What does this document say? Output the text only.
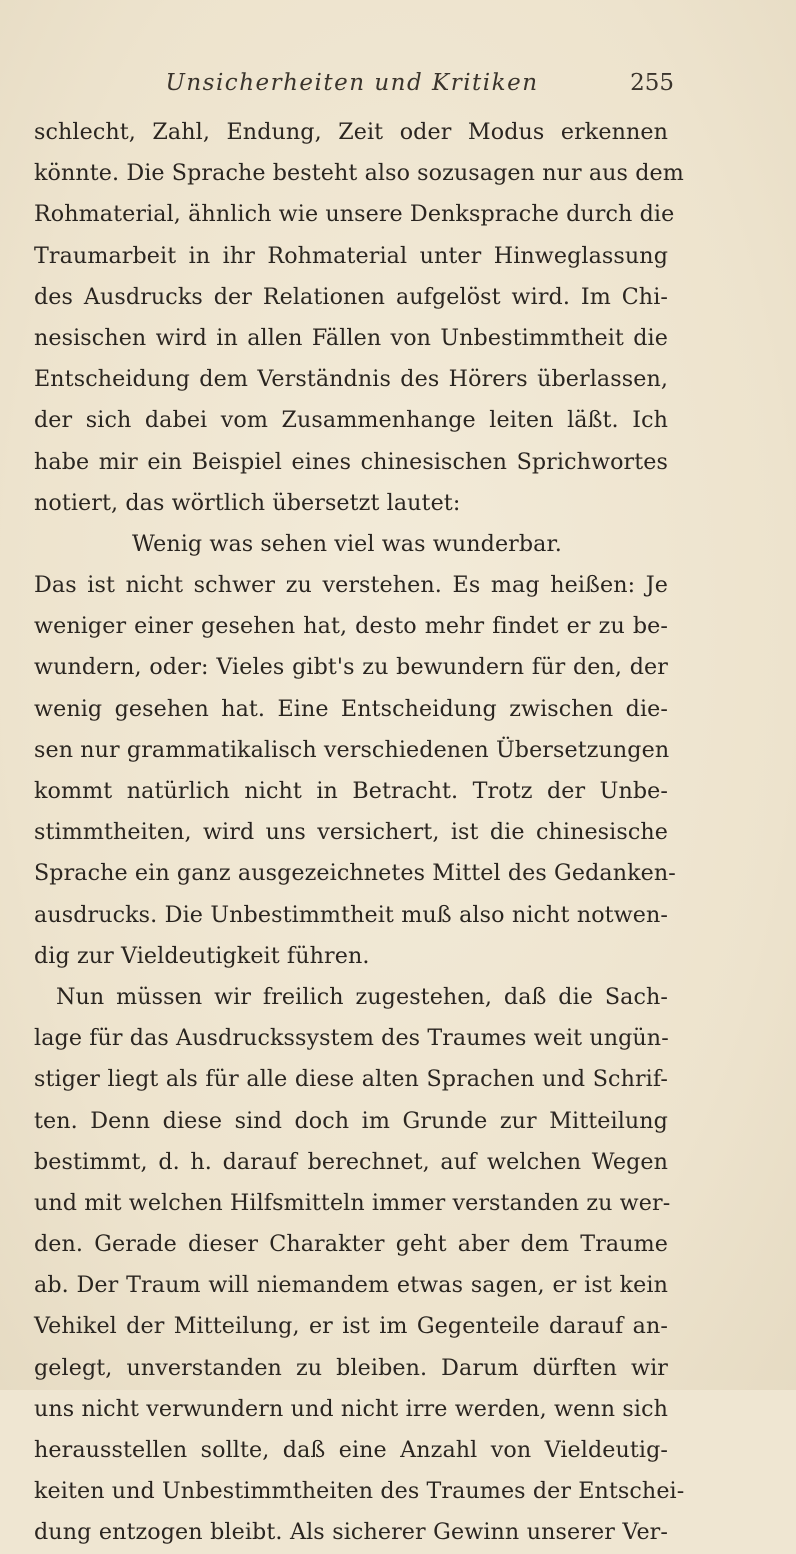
Unsicherheiten und Kritiken	255
schlecht, Zahl, Endung, Zeit oder Modus erkennen
könnte. Die Sprache besteht also sozusagen nur aus dem
Rohmaterial, ähnlich wie unsere Denksprache durch die
Traumarbeit in ihr Rohmaterial unter Hinweglassung
des Ausdrucks der Relationen aufgelöst wird. Im Chi-
nesischen wird in allen Fällen von Unbestimmtheit die
Entscheidung dem Verständnis des Hörers überlassen,
der sich dabei vom Zusammenhange leiten läßt. Ich
habe mir ein Beispiel eines chinesischen Sprichwortes
notiert, das wörtlich übersetzt lautet:
Wenig was sehen viel was wunderbar.
Das ist nicht schwer zu verstehen. Es mag heißen: Je
weniger einer gesehen hat, desto mehr findet er zu be-
wundern, oder: Vieles gibt's zu bewundern für den, der
wenig gesehen hat. Eine Entscheidung zwischen die-
sen nur grammatikalisch verschiedenen Übersetzungen
kommt natürlich nicht in Betracht. Trotz der Unbe-
stimmtheiten, wird uns versichert, ist die chinesische
Sprache ein ganz ausgezeichnetes Mittel des Gedanken-
ausdrucks. Die Unbestimmtheit muß also nicht notwen-
dig zur Vieldeutigkeit führen.
Nun müssen wir freilich zugestehen, daß die Sach-
lage für das Ausdruckssystem des Traumes weit ungün-
stiger liegt als für alle diese alten Sprachen und Schrif-
ten. Denn diese sind doch im Grunde zur Mitteilung
bestimmt, d. h. darauf berechnet, auf welchen Wegen
und mit welchen Hilfsmitteln immer verstanden zu wer-
den. Gerade dieser Charakter geht aber dem Traume
ab. Der Traum will niemandem etwas sagen, er ist kein
Vehikel der Mitteilung, er ist im Gegenteile darauf an-
gelegt, unverstanden zu bleiben. Darum dürften wir
uns nicht verwundern und nicht irre werden, wenn sich
herausstellen sollte, daß eine Anzahl von Vieldeutig-
keiten und Unbestimmtheiten des Traumes der Entschei-
dung entzogen bleibt. Als sicherer Gewinn unserer Ver-
